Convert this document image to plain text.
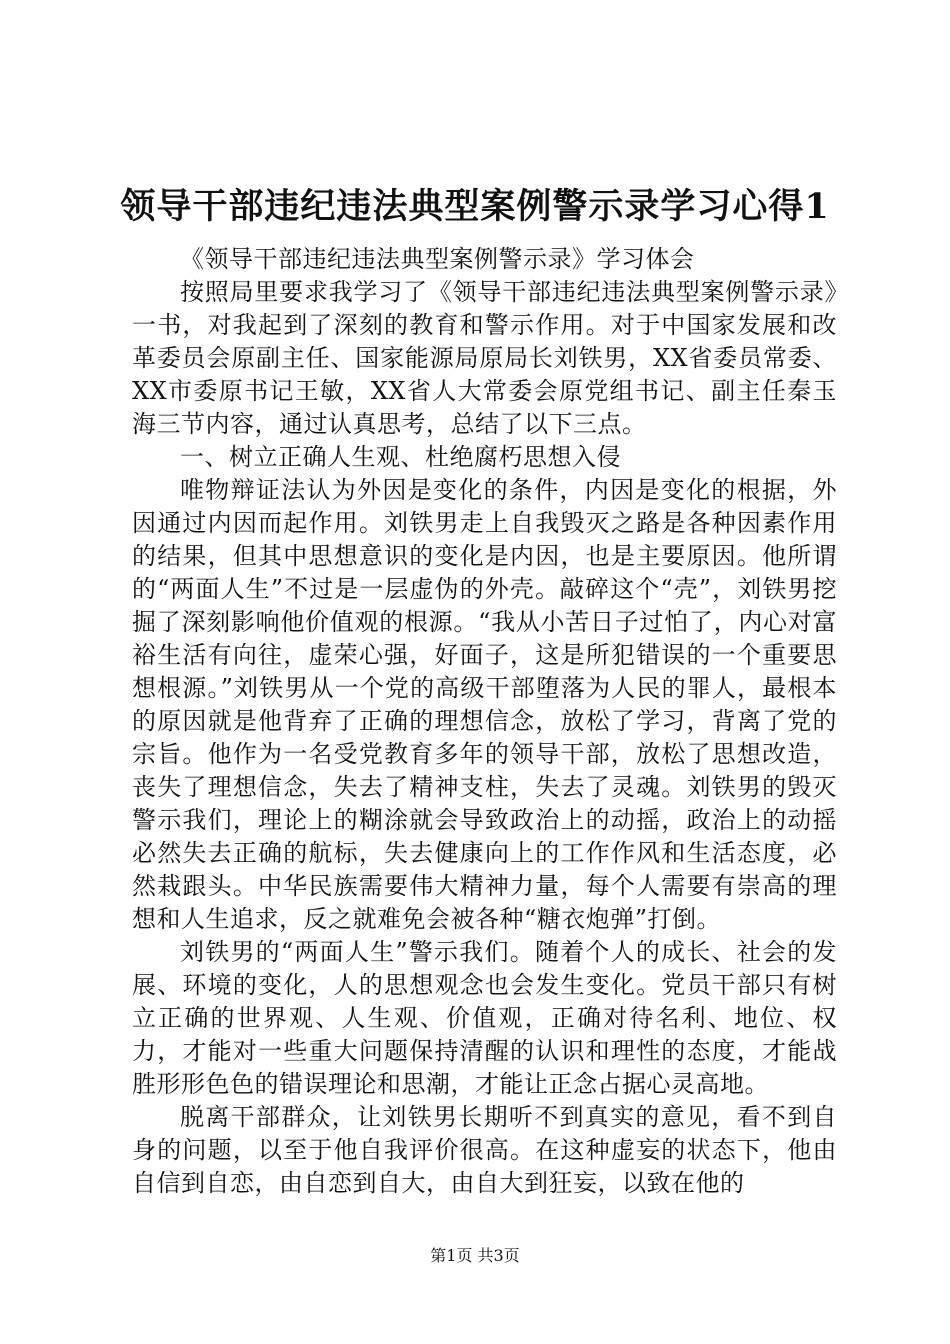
领导干部违纪违法典型案例警示录学习心得1

《领导干部违纪违法典型案例警示录》学习体会

按照局里要求我学习了《领导干部违纪违法典型案例警示录》一书，对我起到了深刻的教育和警示作用。对于中国家发展和改革委员会原副主任、国家能源局原局长刘铁男，XX省委员常委、XX市委原书记王敏，XX省人大常委会原党组书记、副主任秦玉海三节内容，通过认真思考，总结了以下三点。

一、树立正确人生观、杜绝腐朽思想入侵

唯物辩证法认为外因是变化的条件，内因是变化的根据，外因通过内因而起作用。刘铁男走上自我毁灭之路是各种因素作用的结果，但其中思想意识的变化是内因，也是主要原因。他所谓的“两面人生”不过是一层虚伪的外壳。敲碎这个“壳”，刘铁男挖掘了深刻影响他价值观的根源。“我从小苦日子过怕了，内心对富裕生活有向往，虚荣心强，好面子，这是所犯错误的一个重要思想根源。”刘铁男从一个党的高级干部堕落为人民的罪人，最根本的原因就是他背弃了正确的理想信念，放松了学习，背离了党的宗旨。他作为一名受党教育多年的领导干部，放松了思想改造，丧失了理想信念，失去了精神支柱，失去了灵魂。刘铁男的毁灭警示我们，理论上的糊涂就会导致政治上的动摇，政治上的动摇必然失去正确的航标，失去健康向上的工作作风和生活态度，必然栽跟头。中华民族需要伟大精神力量，每个人需要有崇高的理想和人生追求，反之就难免会被各种“糖衣炮弹”打倒。

刘铁男的“两面人生”警示我们。随着个人的成长、社会的发展、环境的变化，人的思想观念也会发生变化。党员干部只有树立正确的世界观、人生观、价值观，正确对待名利、地位、权力，才能对一些重大问题保持清醒的认识和理性的态度，才能战胜形形色色的错误理论和思潮，才能让正念占据心灵高地。

脱离干部群众，让刘铁男长期听不到真实的意见，看不到自身的问题，以至于他自我评价很高。在这种虚妄的状态下，他由自信到自恋，由自恋到自大，由自大到狂妄，以致在他的

第1页 共3页
